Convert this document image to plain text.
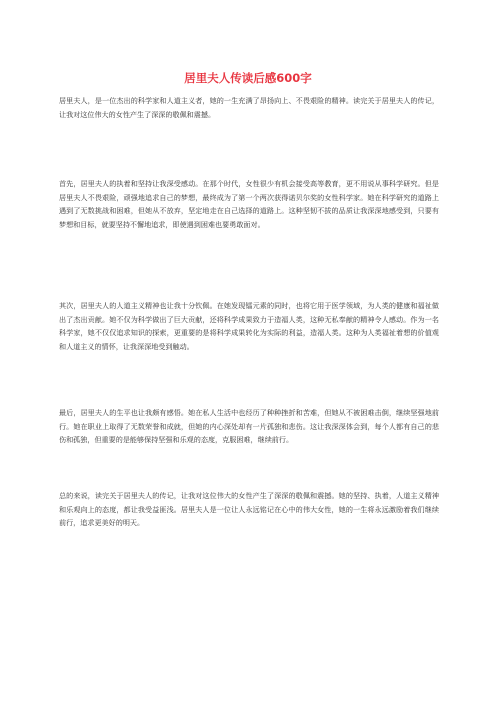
居里夫人传读后感600字

居里夫人，是一位杰出的科学家和人道主义者，她的一生充满了昂扬向上、不畏艰险的精神。读完关于居里夫人的传记，让我对这位伟大的女性产生了深深的敬佩和震撼。

首先，居里夫人的执着和坚持让我深受感动。在那个时代，女性很少有机会接受高等教育，更不用说从事科学研究。但是居里夫人不畏艰险，顽强地追求自己的梦想，最终成为了第一个两次获得诺贝尔奖的女性科学家。她在科学研究的道路上遇到了无数挑战和困难，但她从不放弃，坚定地走在自己选择的道路上。这种坚韧不拔的品质让我深深地感受到，只要有梦想和目标，就要坚持不懈地追求，即使遇到困难也要勇敢面对。

其次，居里夫人的人道主义精神也让我十分钦佩。在她发现镭元素的同时，也将它用于医学领域，为人类的健康和福祉做出了杰出贡献。她不仅为科学做出了巨大贡献，还将科学成果致力于造福人类，这种无私奉献的精神令人感动。作为一名科学家，她不仅仅追求知识的探索，更重要的是将科学成果转化为实际的利益，造福人类。这种为人类福祉着想的价值观和人道主义的情怀，让我深深地受到触动。

最后，居里夫人的生平也让我颇有感悟。她在私人生活中也经历了种种挫折和苦难，但她从不被困难击倒，继续坚强地前行。她在职业上取得了无数荣誉和成就，但她的内心深处却有一片孤独和悲伤。这让我深深体会到，每个人都有自己的悲伤和孤独，但重要的是能够保持坚强和乐观的态度，克服困难，继续前行。

总的来说，读完关于居里夫人的传记，让我对这位伟大的女性产生了深深的敬佩和震撼。她的坚持、执着，人道主义精神和乐观向上的态度，都让我受益匪浅。居里夫人是一位让人永远铭记在心中的伟大女性，她的一生将永远激励着我们继续前行，追求更美好的明天。
